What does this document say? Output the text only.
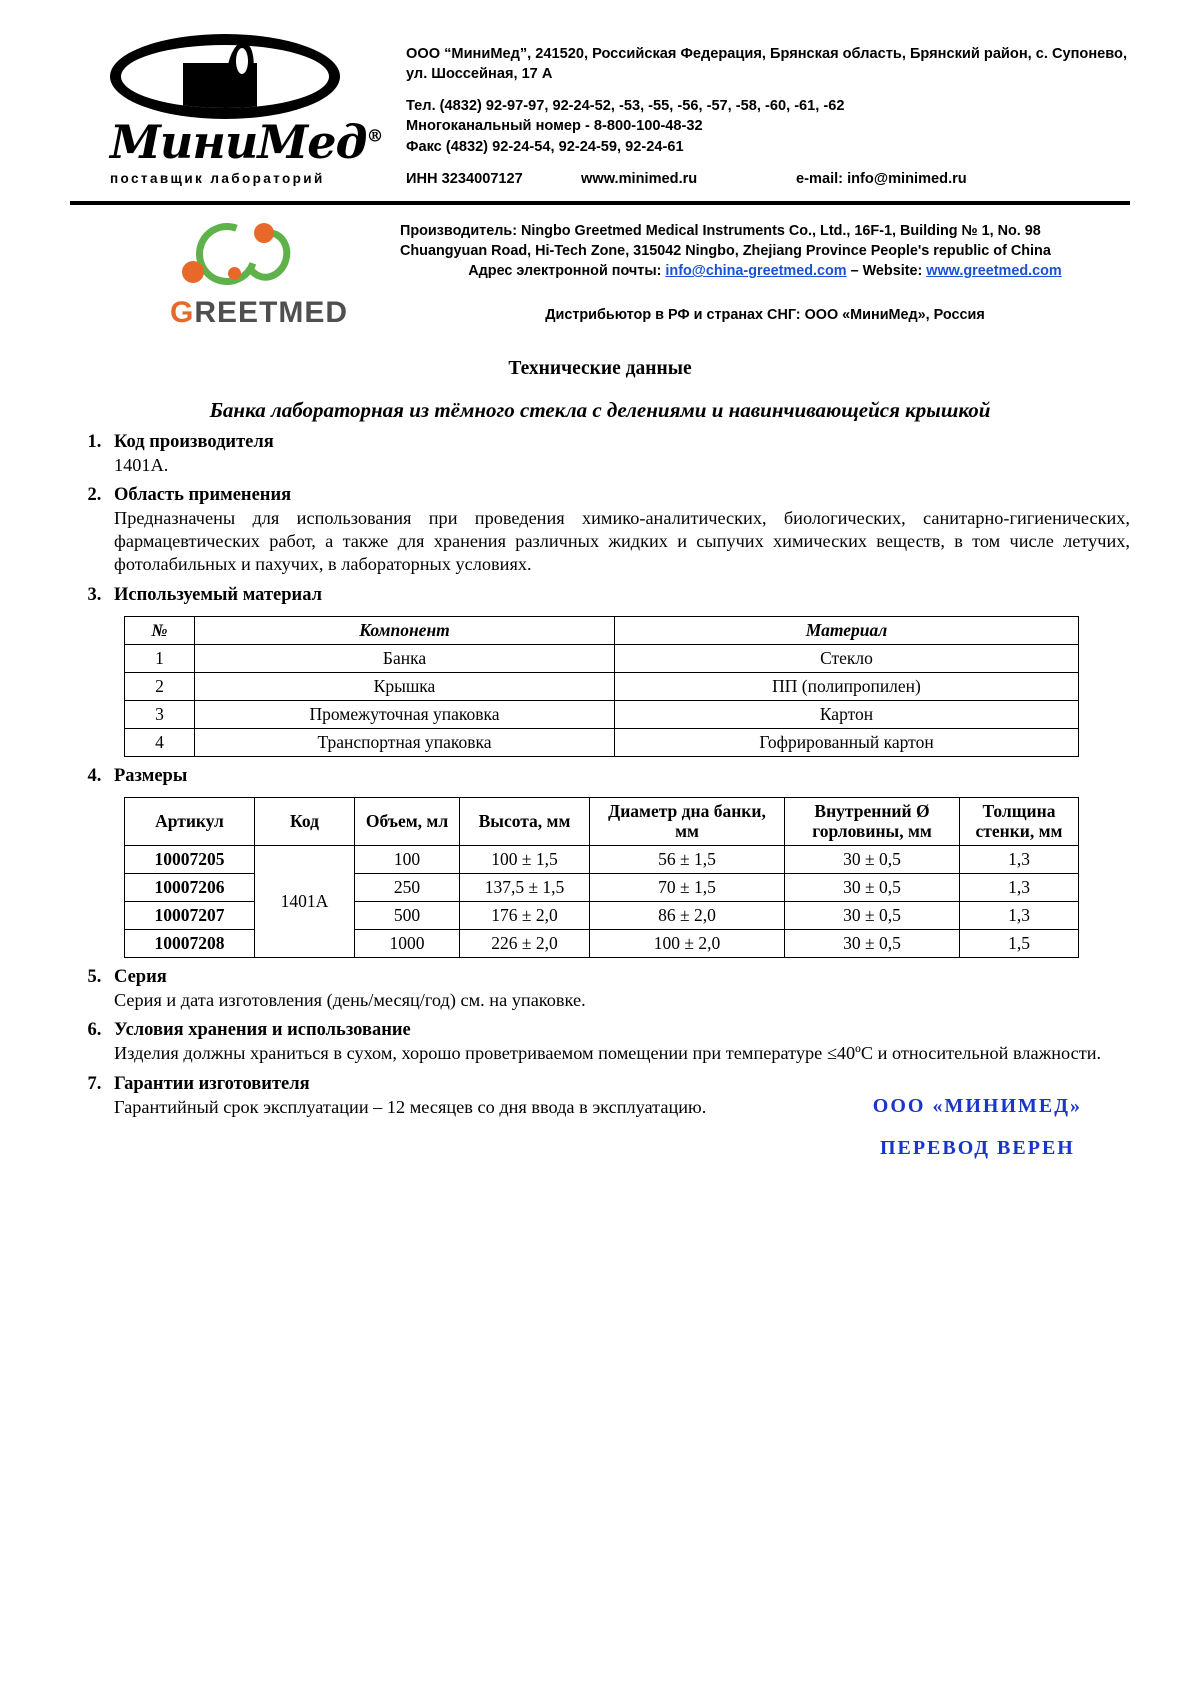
МиниМед®
поставщик лабораторий
ООО “МиниМед”, 241520, Российская Федерация, Брянская область, Брянский район, с. Супонево, ул. Шоссейная, 17 А
Тел. (4832) 92-97-97, 92-24-52, -53, -55, -56, -57, -58, -60, -61, -62
Многоканальный номер - 8-800-100-48-32
Факс (4832) 92-24-54, 92-24-59, 92-24-61
ИНН 3234007127	www.minimed.ru	e-mail: info@minimed.ru
GREETMED
Производитель: Ningbo Greetmed Medical Instruments Co., Ltd., 16F-1, Building № 1, No. 98
Chuangyuan Road, Hi-Tech Zone, 315042 Ningbo, Zhejiang Province People's republic of China
Адрес электронной почты: info@china-greetmed.com – Website: www.greetmed.com
Дистрибьютор в РФ и странах СНГ: ООО «МиниМед», Россия
Технические данные
Банка лабораторная из тёмного стекла с делениями и навинчивающейся крышкой
1. Код производителя
1401А.
2. Область применения
Предназначены для использования при проведения химико-аналитических, биологических, санитарно-гигиенических, фармацевтических работ, а также для хранения различных жидких и сыпучих химических веществ, в том числе летучих, фотолабильных и пахучих, в лабораторных условиях.
3. Используемый материал
№	Компонент	Материал
1	Банка	Стекло
2	Крышка	ПП (полипропилен)
3	Промежуточная упаковка	Картон
4	Транспортная упаковка	Гофрированный картон
4. Размеры
Артикул	Код	Объем, мл	Высота, мм	Диаметр дна банки, мм	Внутренний Ø горловины, мм	Толщина стенки, мм
10007205	1401А	100	100 ± 1,5	56 ± 1,5	30 ± 0,5	1,3
10007206		250	137,5 ± 1,5	70 ± 1,5	30 ± 0,5	1,3
10007207		500	176 ± 2,0	86 ± 2,0	30 ± 0,5	1,3
10007208		1000	226 ± 2,0	100 ± 2,0	30 ± 0,5	1,5
5. Серия
Серия и дата изготовления (день/месяц/год) см. на упаковке.
6. Условия хранения и использование
Изделия должны храниться в сухом, хорошо проветриваемом помещении при температуре ≤40ºС и относительной влажности.
7. Гарантии изготовителя
Гарантийный срок эксплуатации – 12 месяцев со дня ввода в эксплуатацию.	ООО «МИНИМЕД»
ПЕРЕВОД ВЕРЕН
